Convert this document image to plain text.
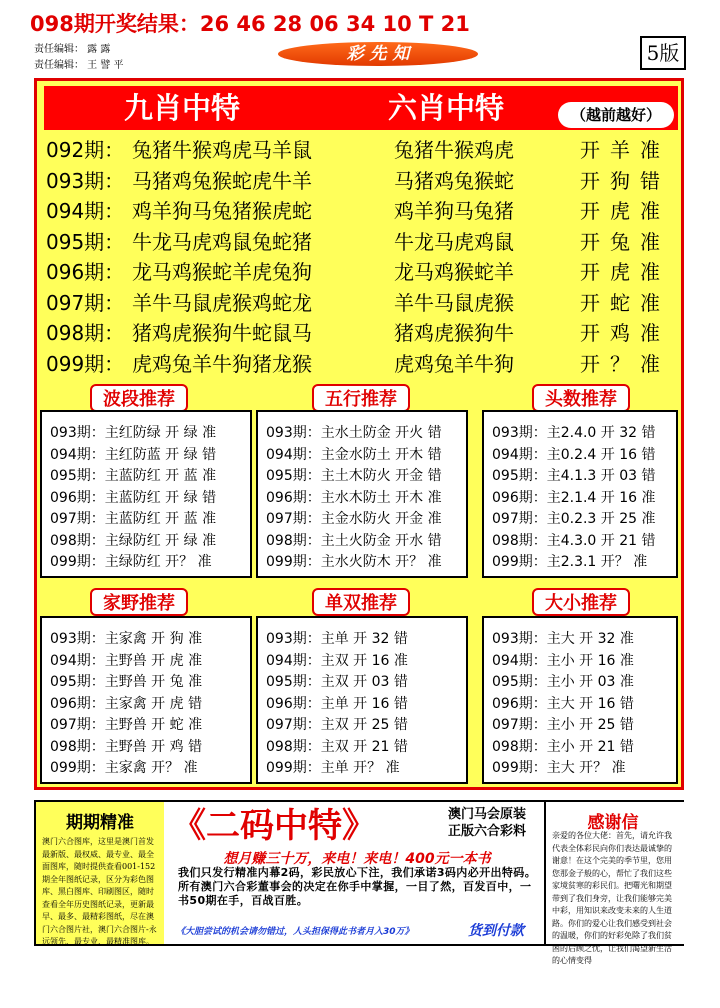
098期开奖结果：26 46 28 06 34 10 T 21
责任编辑： 露 露
责任编辑： 王 譬 平
彩 先 知	5版
九肖中特	六肖中特	（越前越好）
092期： 兔猪牛猴鸡虎马羊鼠	兔猪牛猴鸡虎	开羊准
093期： 马猪鸡兔猴蛇虎牛羊	马猪鸡兔猴蛇	开狗错
094期： 鸡羊狗马兔猪猴虎蛇	鸡羊狗马兔猪	开虎准
095期： 牛龙马虎鸡鼠兔蛇猪	牛龙马虎鸡鼠	开兔准
096期： 龙马鸡猴蛇羊虎兔狗	龙马鸡猴蛇羊	开虎准
097期： 羊牛马鼠虎猴鸡蛇龙	羊牛马鼠虎猴	开蛇准
098期： 猪鸡虎猴狗牛蛇鼠马	猪鸡虎猴狗牛	开鸡准
099期： 虎鸡兔羊牛狗猪龙猴	虎鸡兔羊牛狗	开？准
波段推荐
093期：主红防绿 开 绿 准
094期：主红防蓝 开 绿 错
095期：主蓝防红 开 蓝 准
096期：主蓝防红 开 绿 错
097期：主蓝防红 开 蓝 准
098期：主绿防红 开 绿 准
099期：主绿防红 开？ 准
五行推荐
093期：主水土防金 开火 错
094期：主金水防土 开木 错
095期：主土木防火 开金 错
096期：主水木防土 开木 准
097期：主金水防火 开金 准
098期：主土火防金 开水 错
099期：主水火防木 开？ 准
头数推荐
093期：主2.4.0 开 32 错
094期：主0.2.4 开 16 错
095期：主4.1.3 开 03 错
096期：主2.1.4 开 16 准
097期：主0.2.3 开 25 准
098期：主4.3.0 开 21 错
099期：主2.3.1 开？ 准
家野推荐
093期：主家禽 开 狗 准
094期：主野兽 开 虎 准
095期：主野兽 开 兔 准
096期：主家禽 开 虎 错
097期：主野兽 开 蛇 准
098期：主野兽 开 鸡 错
099期：主家禽 开？ 准
单双推荐
093期：主单 开 32 错
094期：主双 开 16 准
095期：主双 开 03 错
096期：主单 开 16 错
097期：主双 开 25 错
098期：主双 开 21 错
099期：主单 开？ 准
大小推荐
093期：主大 开 32 准
094期：主小 开 16 准
095期：主小 开 03 准
096期：主大 开 16 错
097期：主小 开 25 错
098期：主小 开 21 错
099期：主大 开？ 准
期期精准
澳门六合图库，这里是澳门首发最新版、最权威、最专业、最全面图库，随时提供查看001-152期全年图纸记录，区分为彩色图库、黑白图库、印刷图区，随时查看全年历史图纸记录，更新最早、最多、最精彩图纸，尽在澳门六合图片社，澳门六合图片-永远领先，最专业，最精准图库。
《二码中特》	澳门马会原装
正版六合彩料
想月赚三十万，来电！来电！400元一本书
我们只发行精准内幕2码，彩民放心下注，我们承诺3码内必开出特码。所有澳门六合彩董事会的决定在你手中掌握，一目了然，百发百中，一书50期在手，百战百胜。
《大胆尝试的机会请勿错过，人头担保得此书者月入30万》	货到付款
感谢信
亲爱的各位大佬：首先，请允许我代表全体彩民向你们表达最诚挚的谢意！在这个完美的季节里，您用您那金子般的心，帮忙了我们这些家境贫寒的彩民们。把曙光和期望带到了我们身旁，让我们能够完美中彩，用知识来改变未来的人生道路。你们的爱心让我们感受到社会的温暖，你们的好彩免除了我们贫困的后顾之忧，让我们渴望新生活的心情变得
